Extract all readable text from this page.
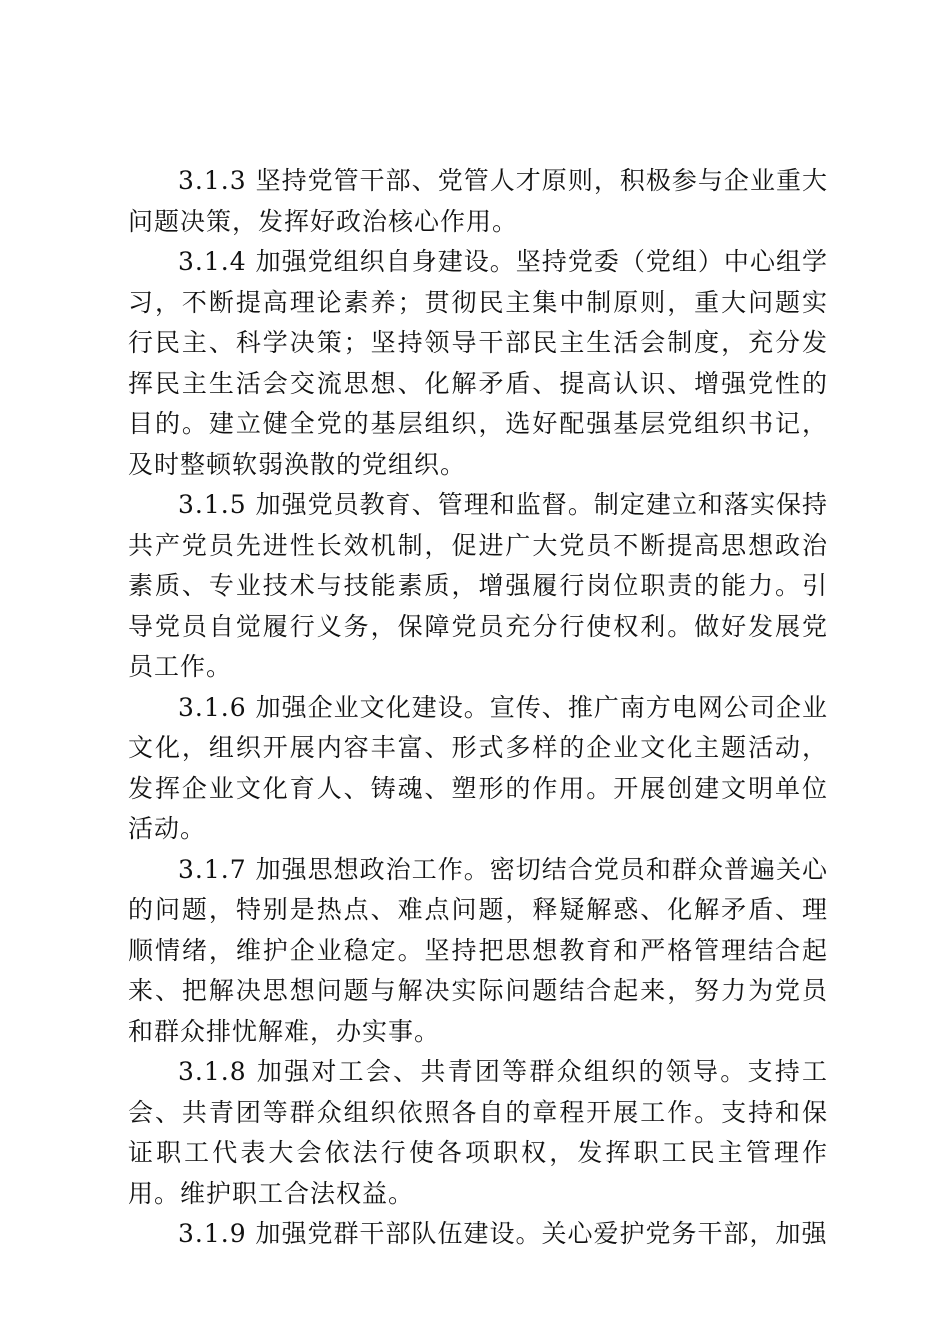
3.1.3 坚持党管干部、党管人才原则，积极参与企业重大问题决策，发挥好政治核心作用。

3.1.4 加强党组织自身建设。坚持党委（党组）中心组学习，不断提高理论素养；贯彻民主集中制原则，重大问题实行民主、科学决策；坚持领导干部民主生活会制度，充分发挥民主生活会交流思想、化解矛盾、提高认识、增强党性的目的。建立健全党的基层组织，选好配强基层党组织书记，及时整顿软弱涣散的党组织。

3.1.5 加强党员教育、管理和监督。制定建立和落实保持共产党员先进性长效机制，促进广大党员不断提高思想政治素质、专业技术与技能素质，增强履行岗位职责的能力。引导党员自觉履行义务，保障党员充分行使权利。做好发展党员工作。

3.1.6 加强企业文化建设。宣传、推广南方电网公司企业文化，组织开展内容丰富、形式多样的企业文化主题活动，发挥企业文化育人、铸魂、塑形的作用。开展创建文明单位活动。

3.1.7 加强思想政治工作。密切结合党员和群众普遍关心的问题，特别是热点、难点问题，释疑解惑、化解矛盾、理顺情绪，维护企业稳定。坚持把思想教育和严格管理结合起来、把解决思想问题与解决实际问题结合起来，努力为党员和群众排忧解难，办实事。

3.1.8 加强对工会、共青团等群众组织的领导。支持工会、共青团等群众组织依照各自的章程开展工作。支持和保证职工代表大会依法行使各项职权，发挥职工民主管理作用。维护职工合法权益。

3.1.9 加强党群干部队伍建设。关心爱护党务干部，加强
